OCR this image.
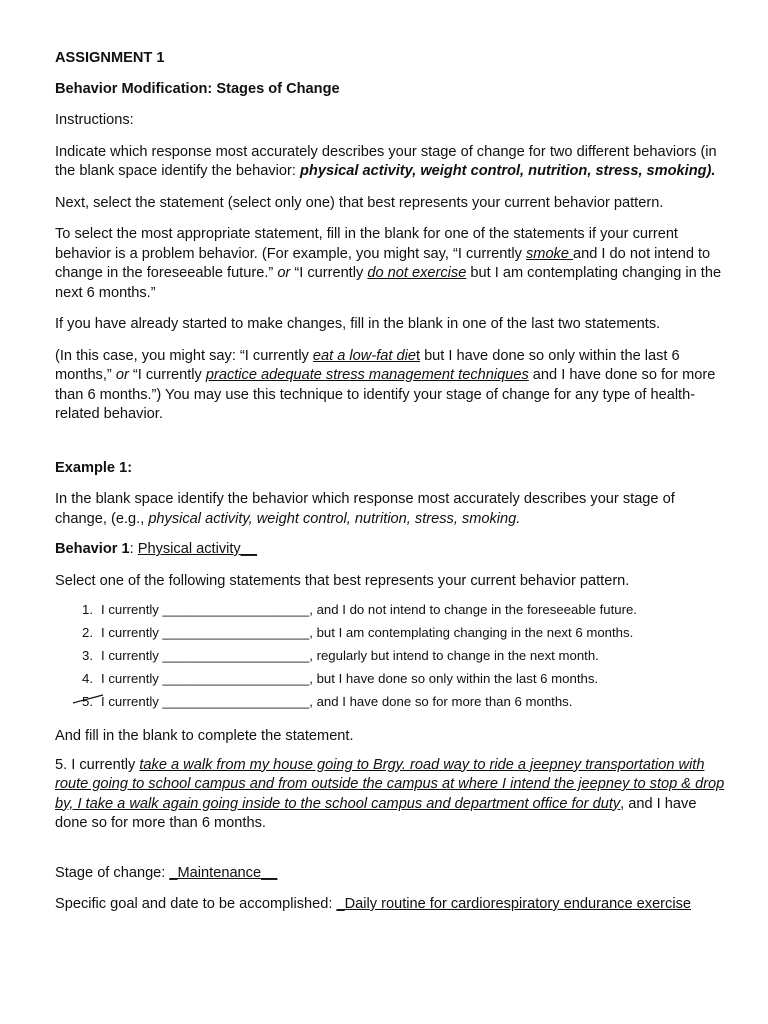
ASSIGNMENT 1

Behavior Modification: Stages of Change

Instructions:

Indicate which response most accurately describes your stage of change for two different behaviors (in the blank space identify the behavior: physical activity, weight control, nutrition, stress, smoking).

Next, select the statement (select only one) that best represents your current behavior pattern.

To select the most appropriate statement, fill in the blank for one of the statements if your current behavior is a problem behavior. (For example, you might say, “I currently smoke and I do not intend to change in the foreseeable future.” or “I currently do not exercise but I am contemplating changing in the next 6 months.”

If you have already started to make changes, fill in the blank in one of the last two statements.

(In this case, you might say: “I currently eat a low-fat diet but I have done so only within the last 6 months,” or “I currently practice adequate stress management techniques and I have done so for more than 6 months.”) You may use this technique to identify your stage of change for any type of health-related behavior.

Example 1:

In the blank space identify the behavior which response most accurately describes your stage of change, (e.g., physical activity, weight control, nutrition, stress, smoking.

Behavior 1: Physical activity__

Select one of the following statements that best represents your current behavior pattern.

1. I currently ____________________, and I do not intend to change in the foreseeable future.
2. I currently ____________________, but I am contemplating changing in the next 6 months.
3. I currently ____________________, regularly but intend to change in the next month.
4. I currently ____________________, but I have done so only within the last 6 months.
5. I currently ____________________, and I have done so for more than 6 months.

And fill in the blank to complete the statement.

5. I currently take a walk from my house going to Brgy. road way to ride a jeepney transportation with route going to school campus and from outside the campus at where I intend the jeepney to stop & drop by, I take a walk again going inside to the school campus and department office for duty, and I have done so for more than 6 months.

Stage of change: _Maintenance__

Specific goal and date to be accomplished: _Daily routine for cardiorespiratory endurance exercise
